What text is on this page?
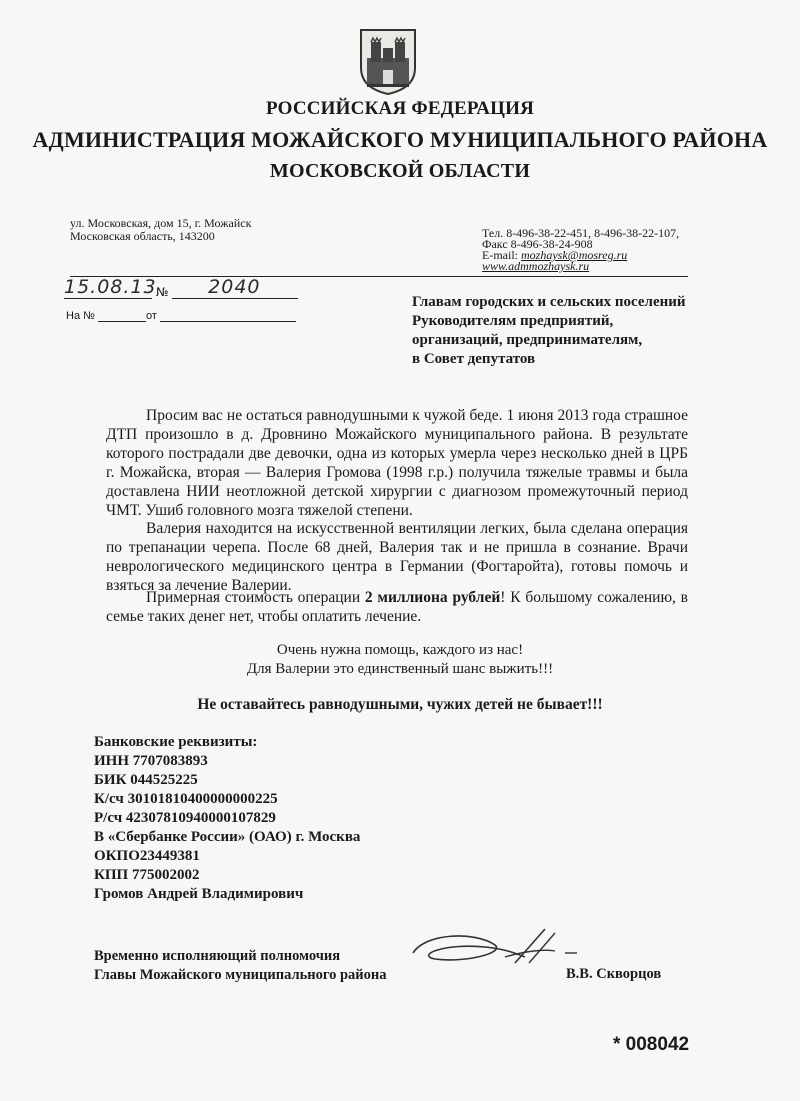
РОССИЙСКАЯ ФЕДЕРАЦИЯ
АДМИНИСТРАЦИЯ МОЖАЙСКОГО МУНИЦИПАЛЬНОГО РАЙОНА
МОСКОВСКОЙ ОБЛАСТИ
ул. Московская, дом 15, г. Можайск
Московская область, 143200	Тел. 8-496-38-22-451, 8-496-38-22-107,
Факс 8-496-38-24-908
E-mail: mozhaysk@mosreg.ru
www.admmozhaysk.ru
15.08.13 № 2040
На №	от
Главам городских и сельских поселений
Руководителям предприятий,
организаций, предпринимателям,
в Совет депутатов

Просим вас не остаться равнодушными к чужой беде. 1 июня 2013 года страшное ДТП произошло в д. Дровнино Можайского муниципального района. В результате которого пострадали две девочки, одна из которых умерла через несколько дней в ЦРБ г. Можайска, вторая — Валерия Громова (1998 г.р.) получила тяжелые травмы и была доставлена НИИ неотложной детской хирургии с диагнозом промежуточный период ЧМТ. Ушиб головного мозга тяжелой степени.

Валерия находится на искусственной вентиляции легких, была сделана операция по трепанации черепа. После 68 дней, Валерия так и не пришла в сознание. Врачи неврологического медицинского центра в Германии (Фогтаройта), готовы помочь и взяться за лечение Валерии.

Примерная стоимость операции 2 миллиона рублей! К большому сожалению, в семье таких денег нет, чтобы оплатить лечение.

Очень нужна помощь, каждого из нас!
Для Валерии это единственный шанс выжить!!!
Не оставайтесь равнодушными, чужих детей не бывает!!!
Банковские реквизиты:
ИНН 7707083893
БИК 044525225
К/сч 30101810400000000225
Р/сч 42307810940000107829
В «Сбербанке России» (ОАО) г. Москва
ОКПО23449381
КПП 775002002
Громов Андрей Владимирович
Временно исполняющий полномочия
Главы Можайского муниципального района	В.В. Скворцов
* 008042
